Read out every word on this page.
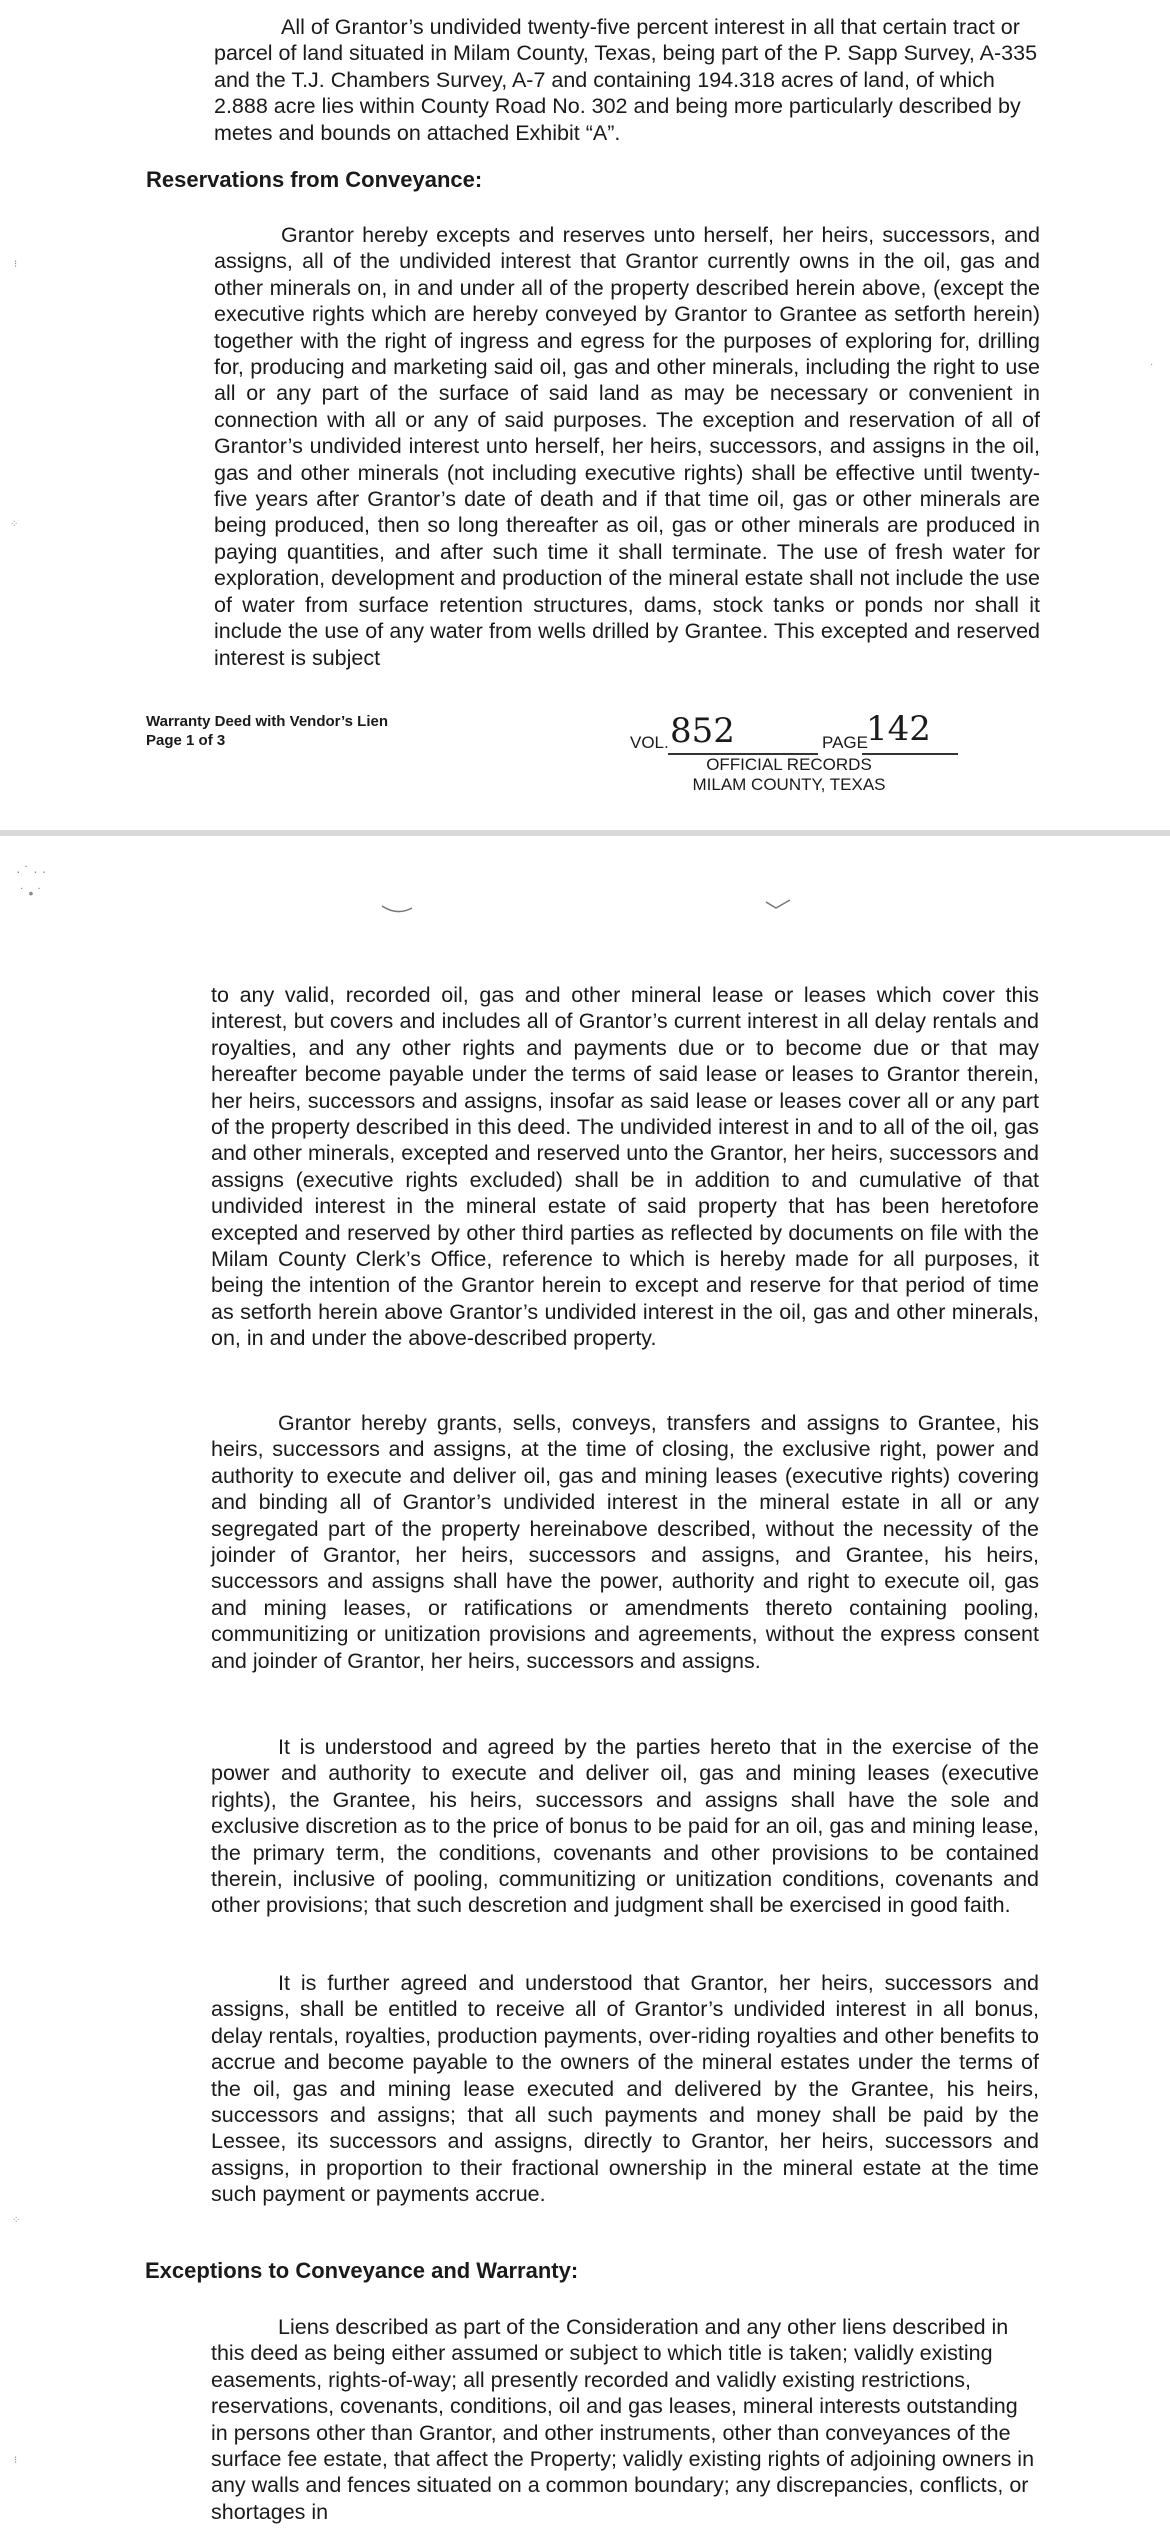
All of Grantor’s undivided twenty-five percent interest in all that certain tract or parcel of land situated in Milam County, Texas, being part of the P. Sapp Survey, A-335 and the T.J. Chambers Survey, A-7 and containing 194.318 acres of land, of which 2.888 acre lies within County Road No. 302 and being more particularly described by metes and bounds on attached Exhibit “A”.

Reservations from Conveyance:

Grantor hereby excepts and reserves unto herself, her heirs, successors, and assigns, all of the undivided interest that Grantor currently owns in the oil, gas and other minerals on, in and under all of the property described herein above, (except the executive rights which are hereby conveyed by Grantor to Grantee as setforth herein) together with the right of ingress and egress for the purposes of exploring for, drilling for, producing and marketing said oil, gas and other minerals, including the right to use all or any part of the surface of said land as may be necessary or convenient in connection with all or any of said purposes. The exception and reservation of all of Grantor’s undivided interest unto herself, her heirs, successors, and assigns in the oil, gas and other minerals (not including executive rights) shall be effective until twenty-five years after Grantor’s date of death and if that time oil, gas or other minerals are being produced, then so long thereafter as oil, gas or other minerals are produced in paying quantities, and after such time it shall terminate. The use of fresh water for exploration, development and production of the mineral estate shall not include the use of water from surface retention structures, dams, stock tanks or ponds nor shall it include the use of any water from wells drilled by Grantee. This excepted and reserved interest is subject

Warranty Deed with Vendor’s Lien
Page 1 of 3	VOL. 852	PAGE
142
OFFICIAL RECORDS
MILAM COUNTY, TEXAS
⁝
⁘
·
· ˙ · ·
˙ • ˙

to any valid, recorded oil, gas and other mineral lease or leases which cover this interest, but covers and includes all of Grantor’s current interest in all delay rentals and royalties, and any other rights and payments due or to become due or that may hereafter become payable under the terms of said lease or leases to Grantor therein, her heirs, successors and assigns, insofar as said lease or leases cover all or any part of the property described in this deed. The undivided interest in and to all of the oil, gas and other minerals, excepted and reserved unto the Grantor, her heirs, successors and assigns (executive rights excluded) shall be in addition to and cumulative of that undivided interest in the mineral estate of said property that has been heretofore excepted and reserved by other third parties as reflected by documents on file with the Milam County Clerk’s Office, reference to which is hereby made for all purposes, it being the intention of the Grantor herein to except and reserve for that period of time as setforth herein above Grantor’s undivided interest in the oil, gas and other minerals, on, in and under the above-described property.

Grantor hereby grants, sells, conveys, transfers and assigns to Grantee, his heirs, successors and assigns, at the time of closing, the exclusive right, power and authority to execute and deliver oil, gas and mining leases (executive rights) covering and binding all of Grantor’s undivided interest in the mineral estate in all or any segregated part of the property hereinabove described, without the necessity of the joinder of Grantor, her heirs, successors and assigns, and Grantee, his heirs, successors and assigns shall have the power, authority and right to execute oil, gas and mining leases, or ratifications or amendments thereto containing pooling, communitizing or unitization provisions and agreements, without the express consent and joinder of Grantor, her heirs, successors and assigns.

It is understood and agreed by the parties hereto that in the exercise of the power and authority to execute and deliver oil, gas and mining leases (executive rights), the Grantee, his heirs, successors and assigns shall have the sole and exclusive discretion as to the price of bonus to be paid for an oil, gas and mining lease, the primary term, the conditions, covenants and other provisions to be contained therein, inclusive of pooling, communitizing or unitization conditions, covenants and other provisions; that such descretion and judgment shall be exercised in good faith.

It is further agreed and understood that Grantor, her heirs, successors and assigns, shall be entitled to receive all of Grantor’s undivided interest in all bonus, delay rentals, royalties, production payments, over-riding royalties and other benefits to accrue and become payable to the owners of the mineral estates under the terms of the oil, gas and mining lease executed and delivered by the Grantee, his heirs, successors and assigns; that all such payments and money shall be paid by the Lessee, its successors and assigns, directly to Grantor, her heirs, successors and assigns, in proportion to their fractional ownership in the mineral estate at the time such payment or payments accrue.

Exceptions to Conveyance and Warranty:

Liens described as part of the Consideration and any other liens described in this deed as being either assumed or subject to which title is taken; validly existing easements, rights-of-way; all presently recorded and validly existing restrictions, reservations, covenants, conditions, oil and gas leases, mineral interests outstanding in persons other than Grantor, and other instruments, other than conveyances of the surface fee estate, that affect the Property; validly existing rights of adjoining owners in any walls and fences situated on a common boundary; any discrepancies, conflicts, or shortages in

⁘
⁝
